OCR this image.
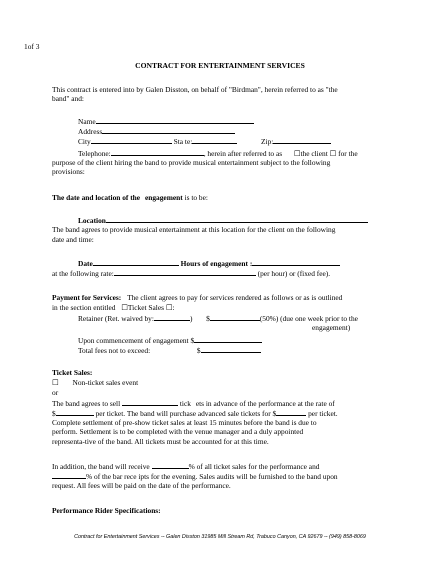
1of 3
CONTRACT FOR ENTERTAINMENT SERVICES
This contract is entered into by Galen Disston, on behalf of "Birdman", herein referred to as "the
band" and:
Name
Address
City	Sta te:	Zip:
Telephone:	, herein after referred to as ☐the client ☐ for the
purpose of the client hiring the band to provide musical entertainment subject to the following
provisions:
The date and location of the engagement is to be:
Location
The band agrees to provide musical entertainment at this location for the client on the following
date and time:
Date	Hours of engagement :
at the following rate:	(per hour) or (fixed fee).
Payment for Services: The client agrees to pay for services rendered as follows or as is outlined
in the section entitled ☐Ticket Sales ☐:
Retainer (Ret. waived by:	) $	(50%) (due one week prior to the
engagement)
Upon commencement of engagement $
Total fees not to exceed:	$
Ticket Sales:
☐ Non-ticket sales event
or
The band agrees to sell	tick ets in advance of the performance at the rate of
$	per ticket. The band will purchase advanced sale tickets for $	per ticket.
Complete settlement of pre-show ticket sales at least 15 minutes before the band is due to
perform. Settlement is to be completed with the venue manager and a duly appointed
representa-tive of the band. All tickets must be accounted for at this time.
In addition, the band will receive	% of all ticket sales for the performance and
% of the bar rece ipts for the evening. Sales audits will be furnished to the band upon
request. All fees will be paid on the date of the performance.
Performance Rider Specifications:
Contract for Entertainment Services -- Galen Disston 31985 Mill Stream Rd, Trabuco Canyon, CA 92679 -- (949) 858-8069
